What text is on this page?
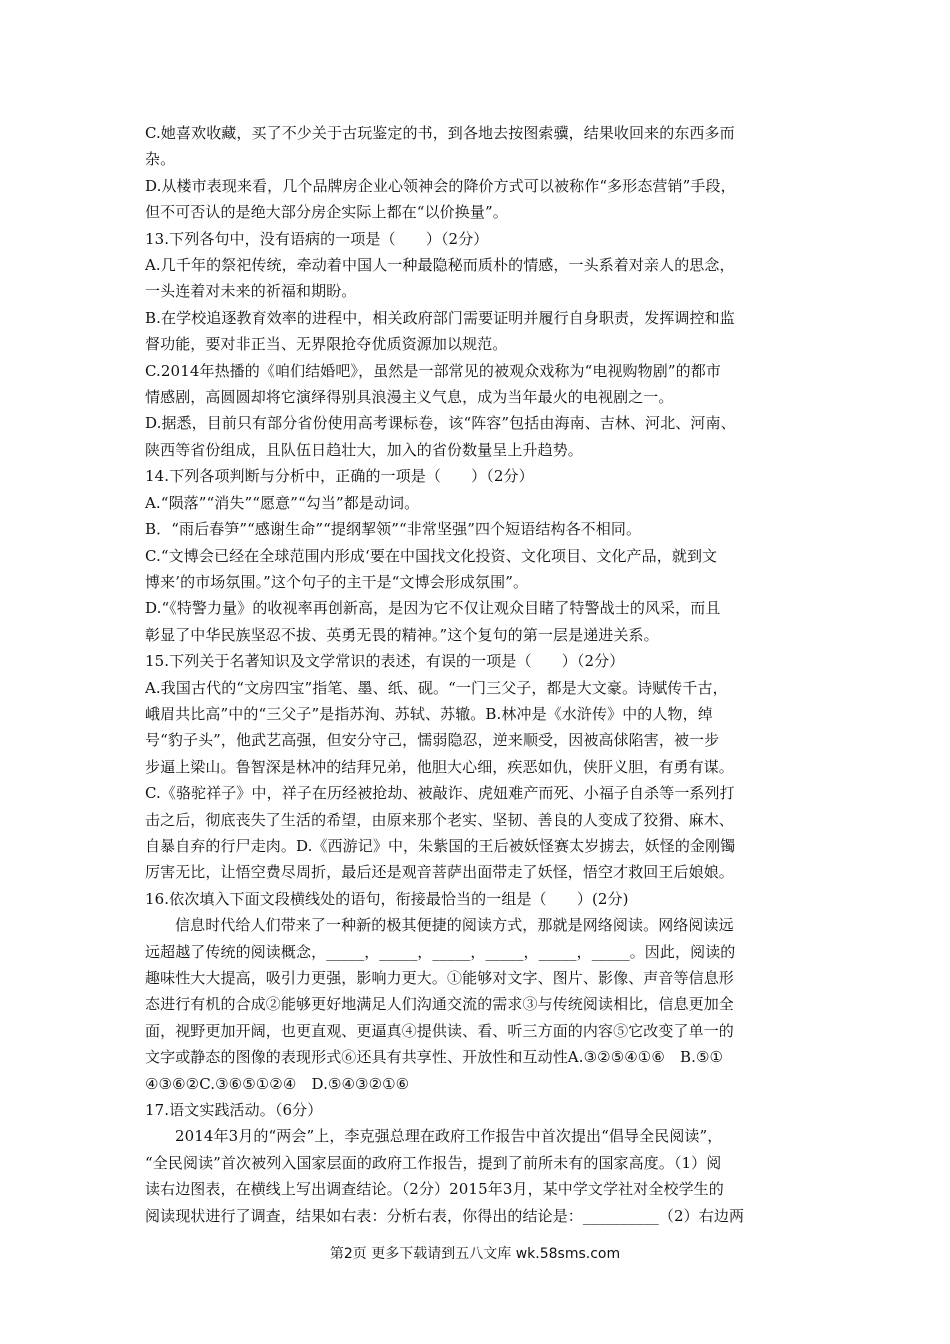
C.她喜欢收藏，买了不少关于古玩鉴定的书，到各地去按图索骥，结果收回来的东西多而
杂。
D.从楼市表现来看，几个品牌房企业心领神会的降价方式可以被称作“多形态营销”手段，
但不可否认的是绝大部分房企实际上都在“以价换量”。
13.下列各句中，没有语病的一项是（　　）（2分）
A.几千年的祭祀传统，牵动着中国人一种最隐秘而质朴的情感，一头系着对亲人的思念，
一头连着对未来的祈福和期盼。
B.在学校追逐教育效率的进程中，相关政府部门需要证明并履行自身职责，发挥调控和监
督功能，要对非正当、无界限抢夺优质资源加以规范。
C.2014年热播的《咱们结婚吧》，虽然是一部常见的被观众戏称为“电视购物剧”的都市
情感剧，高圆圆却将它演绎得别具浪漫主义气息，成为当年最火的电视剧之一。
D.据悉，目前只有部分省份使用高考课标卷，该“阵容”包括由海南、吉林、河北、河南、
陕西等省份组成，且队伍日趋壮大，加入的省份数量呈上升趋势。
14.下列各项判断与分析中，正确的一项是（　　）（2分）
A.“陨落”“消失”“愿意”“勾当”都是动词。
B．“雨后春笋”“感谢生命”“提纲挈领”“非常坚强”四个短语结构各不相同。
C.“文博会已经在全球范围内形成‘要在中国找文化投资、文化项目、文化产品，就到文
博来’的市场氛围。”这个句子的主干是“文博会形成氛围”。
D.“《特警力量》的收视率再创新高，是因为它不仅让观众目睹了特警战士的风采，而且
彰显了中华民族坚忍不拔、英勇无畏的精神。”这个复句的第一层是递进关系。
15.下列关于名著知识及文学常识的表述，有误的一项是（　　）（2分）
A.我国古代的“文房四宝”指笔、墨、纸、砚。“一门三父子，都是大文豪。诗赋传千古，
峨眉共比高”中的“三父子”是指苏洵、苏轼、苏辙。B.林冲是《水浒传》中的人物，绰
号“豹子头”，他武艺高强，但安分守己，懦弱隐忍，逆来顺受，因被高俅陷害，被一步
步逼上梁山。鲁智深是林冲的结拜兄弟，他胆大心细，疾恶如仇，侠肝义胆，有勇有谋。
C.《骆驼祥子》中，祥子在历经被抢劫、被敲诈、虎妞难产而死、小福子自杀等一系列打
击之后，彻底丧失了生活的希望，由原来那个老实、坚韧、善良的人变成了狡猾、麻木、
自暴自弃的行尸走肉。D.《西游记》中，朱紫国的王后被妖怪赛太岁掳去，妖怪的金刚镯
厉害无比，让悟空费尽周折，最后还是观音菩萨出面带走了妖怪，悟空才救回王后娘娘。
16.依次填入下面文段横线处的语句，衔接最恰当的一组是（　　）(2分)
信息时代给人们带来了一种新的极其便捷的阅读方式，那就是网络阅读。网络阅读远
远超越了传统的阅读概念，_____，_____，_____，_____，_____，_____。因此，阅读的
趣味性大大提高，吸引力更强，影响力更大。①能够对文字、图片、影像、声音等信息形
态进行有机的合成②能够更好地满足人们沟通交流的需求③与传统阅读相比，信息更加全
面，视野更加开阔，也更直观、更逼真④提供读、看、听三方面的内容⑤它改变了单一的
文字或静态的图像的表现形式⑥还具有共享性、开放性和互动性A.③②⑤④①⑥　B.⑤①
④③⑥②C.③⑥⑤①②④　D.⑤④③②①⑥
17.语文实践活动。（6分）
2014年3月的“两会”上，李克强总理在政府工作报告中首次提出“倡导全民阅读”，
“全民阅读”首次被列入国家层面的政府工作报告，提到了前所未有的国家高度。（1）阅
读右边图表，在横线上写出调查结论。（2分）2015年3月，某中学文学社对全校学生的
阅读现状进行了调查，结果如右表：分析右表，你得出的结论是：__________（2）右边两
第2页 更多下载请到五八文库 wk.58sms.com
